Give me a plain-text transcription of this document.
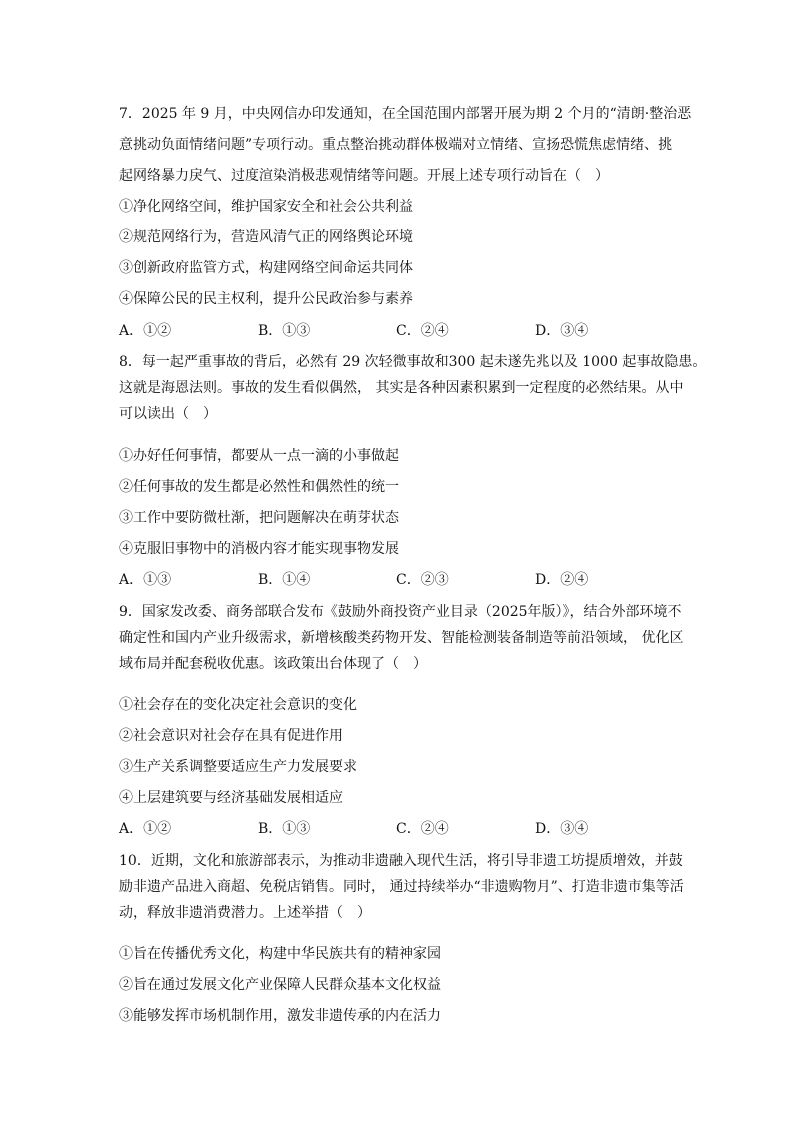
7．2025 年 9 月，中央网信办印发通知，在全国范围内部署开展为期 2 个月的“清朗·整治恶
意挑动负面情绪问题”专项行动。重点整治挑动群体极端对立情绪、宣扬恐慌焦虑情绪、挑
起网络暴力戾气、过度渲染消极悲观情绪等问题。开展上述专项行动旨在（　）
①净化网络空间，维护国家安全和社会公共利益
②规范网络行为，营造风清气正的网络舆论环境
③创新政府监管方式，构建网络空间命运共同体
④保障公民的民主权利，提升公民政治参与素养
A．①②	B．①③	C．②④	D．③④
8．每一起严重事故的背后，必然有 29 次轻微事故和300 起未遂先兆以及 1000 起事故隐患。
这就是海恩法则。事故的发生看似偶然， 其实是各种因素积累到一定程度的必然结果。从中
可以读出（　）
①办好任何事情，都要从一点一滴的小事做起
②任何事故的发生都是必然性和偶然性的统一
③工作中要防微杜渐，把问题解决在萌芽状态
④克服旧事物中的消极内容才能实现事物发展
A．①③	B．①④	C．②③	D．②④
9．国家发改委、商务部联合发布《鼓励外商投资产业目录（2025年版）》，结合外部环境不
确定性和国内产业升级需求，新增核酸类药物开发、智能检测装备制造等前沿领域， 优化区
域布局并配套税收优惠。该政策出台体现了（　）
①社会存在的变化决定社会意识的变化
②社会意识对社会存在具有促进作用
③生产关系调整要适应生产力发展要求
④上层建筑要与经济基础发展相适应
A．①②	B．①③	C．②④	D．③④
10．近期，文化和旅游部表示，为推动非遗融入现代生活，将引导非遗工坊提质增效，并鼓
励非遗产品进入商超、免税店销售。同时， 通过持续举办“非遗购物月”、打造非遗市集等活
动，释放非遗消费潜力。上述举措（　）
①旨在传播优秀文化，构建中华民族共有的精神家园
②旨在通过发展文化产业保障人民群众基本文化权益
③能够发挥市场机制作用，激发非遗传承的内在活力
